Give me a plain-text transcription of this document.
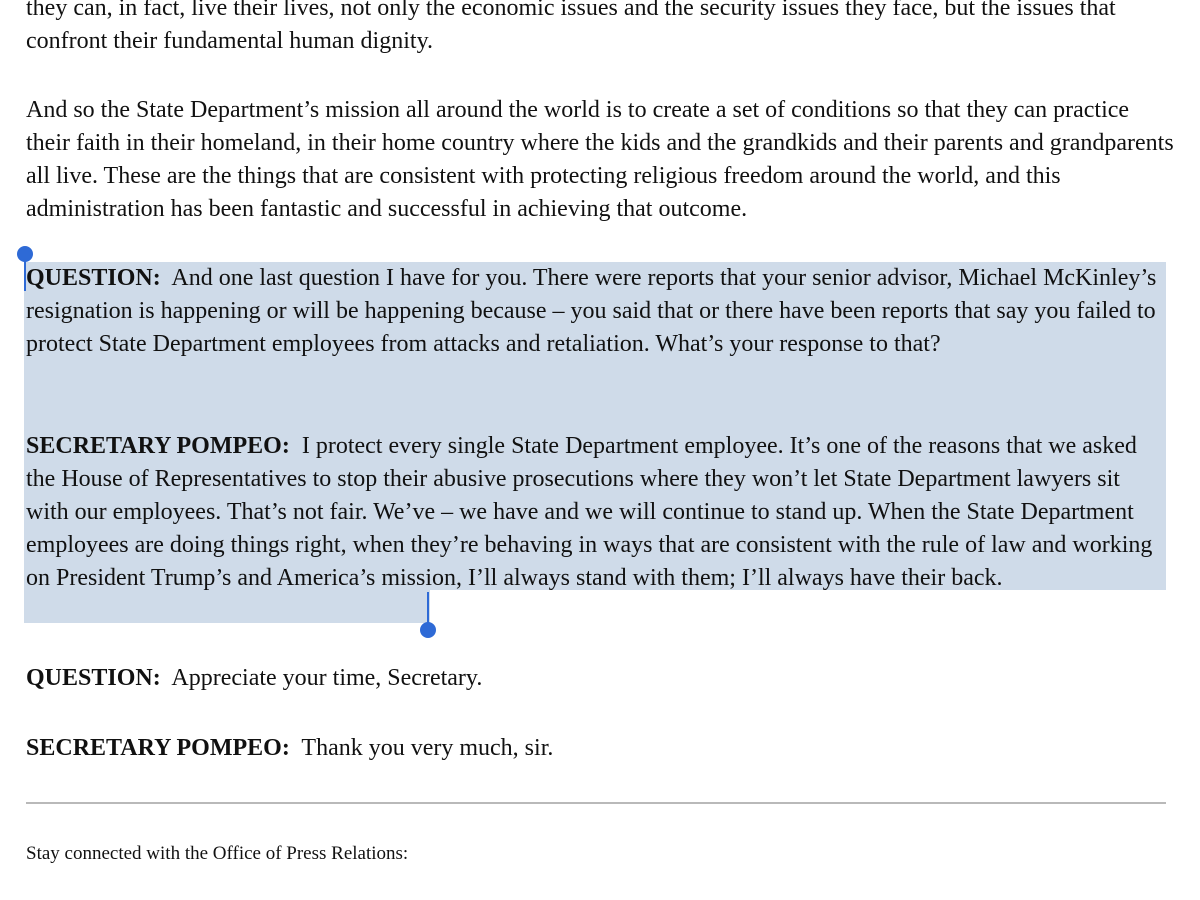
they can, in fact, live their lives, not only the economic issues and the security issues they face, but the issues that confront their fundamental human dignity.

And so the State Department’s mission all around the world is to create a set of conditions so that they can practice their faith in their homeland, in their home country where the kids and the grandkids and their parents and grandparents all live. These are the things that are consistent with protecting religious freedom around the world, and this administration has been fantastic and successful in achieving that outcome.

QUESTION: And one last question I have for you. There were reports that your senior advisor, Michael McKinley’s resignation is happening or will be happening because – you said that or there have been reports that say you failed to protect State Department employees from attacks and retaliation. What’s your response to that?

SECRETARY POMPEO: I protect every single State Department employee. It’s one of the reasons that we asked the House of Representatives to stop their abusive prosecutions where they won’t let State Department lawyers sit with our employees. That’s not fair. We’ve – we have and we will continue to stand up. When the State Department employees are doing things right, when they’re behaving in ways that are consistent with the rule of law and working on President Trump’s and America’s mission, I’ll always stand with them; I’ll always have their back.

QUESTION: Appreciate your time, Secretary.

SECRETARY POMPEO: Thank you very much, sir.

Stay connected with the Office of Press Relations:
